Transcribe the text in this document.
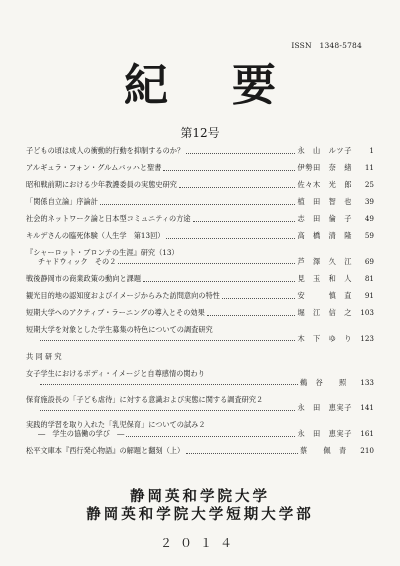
ISSN　1348-5784
紀要
第12号
子どもの頃は成人の衝動的行動を抑制するのか？	永　山　ルツ子	1
アルギュラ・フォン・グルムバッハと聖書	伊勢田　奈　緒	11
昭和戦前期における少年教護委員の実態史研究	佐々木　光　郎	25
「関係自立論」序論計	植　田　智　也	39
社会的ネットワーク論と日本型コミュニティの方途	志　田　倫　子	49
キルデさんの臨死体験（人生学　第13回）	高　橋　清　隆	59
『シャーロット・ブロンテの生涯』研究（13）
チャドウィック　その２	芦　澤　久　江	69
戦後静岡市の商業政策の動向と課題	見　玉　和　人	81
観光目的地の認知度およびイメージからみた訪問意向の特性	安　　　慎　直	91
短期大学へのアクティブ・ラーニングの導入とその効果	堀　江　信　之	103
短期大学を対象とした学生募集の特色についての調査研究
木　下　ゆ　り	123
共 同 研 究
女子学生におけるボディ・イメージと自尊感情の関わり
鵜　谷　　照	133
保育施設長の「子ども虐待」に対する意識および実態に関する調査研究２
永　田　恵実子	141
実践的学習を取り入れた「乳児保育」についての試み２
―　学生の協働の学び　―	永　田　恵実子	161
松平文庫本『西行発心物語』の解題と翻刻（上）	蔡　　佩　青	210
静岡英和学院大学
静岡英和学院大学短期大学部
２０１４
